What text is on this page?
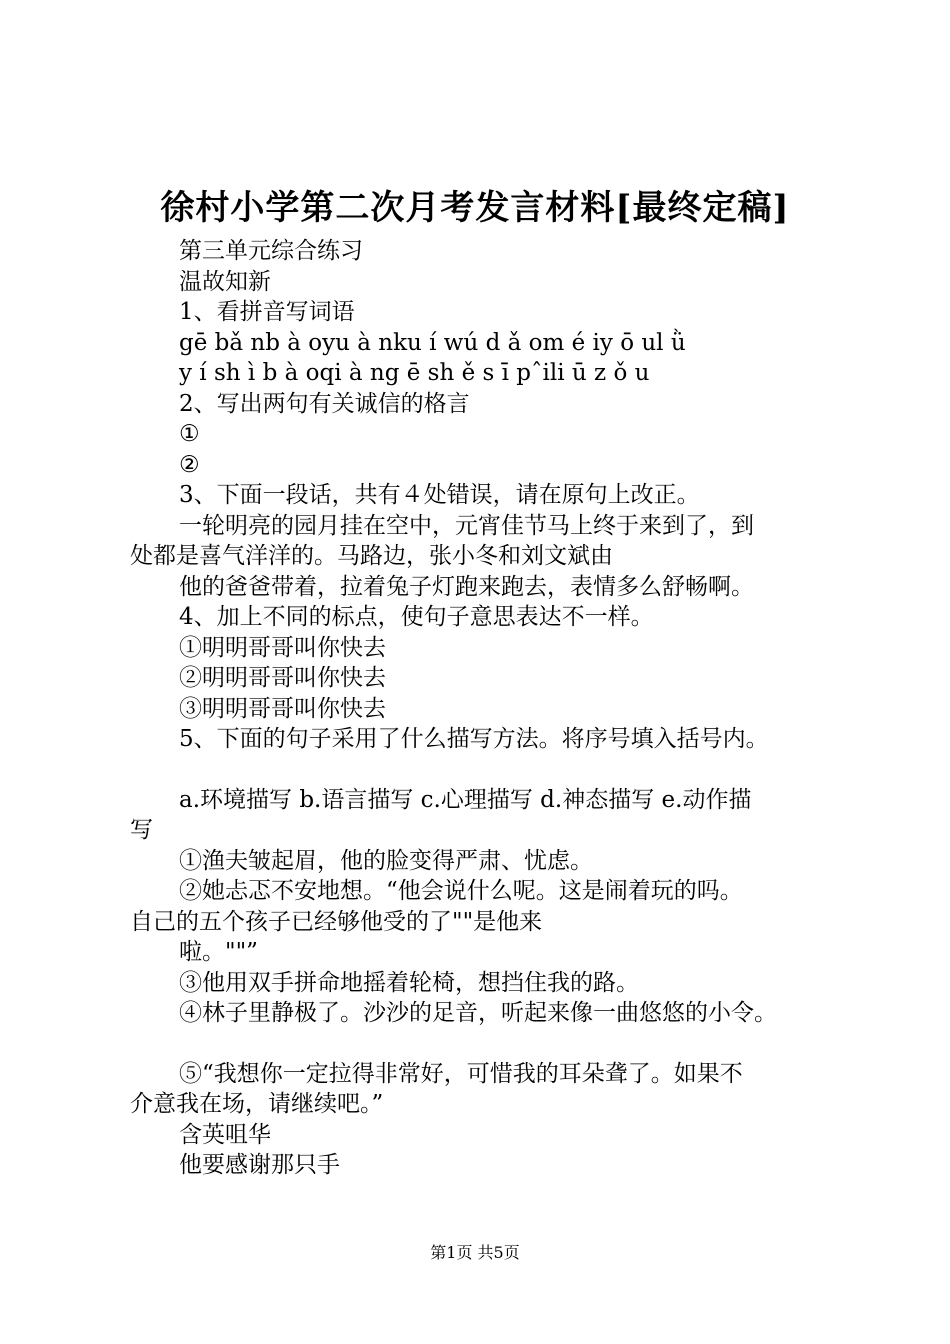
徐村小学第二次月考发言材料[最终定稿]
第三单元综合练习
温故知新
1、看拼音写词语
gē bǎ nb à oyu à nku í wú d ǎ om é iy ō ul ǜ
y í sh ì b à oqi à ng ē sh ě s ī pˆili ū z ǒ u
2、写出两句有关诚信的格言
①
②
3、下面一段话，共有４处错误，请在原句上改正。
一轮明亮的园月挂在空中，元宵佳节马上终于来到了，到
处都是喜气洋洋的。马路边，张小冬和刘文斌由
他的爸爸带着，拉着兔子灯跑来跑去，表情多么舒畅啊。
4、加上不同的标点，使句子意思表达不一样。
①明明哥哥叫你快去
②明明哥哥叫你快去
③明明哥哥叫你快去
5、下面的句子采用了什么描写方法。将序号填入括号内。
a.环境描写 b.语言描写 c.心理描写 d.神态描写 e.动作描
写
①渔夫皱起眉，他的脸变得严肃、忧虑。
②她忐忑不安地想。“他会说什么呢。这是闹着玩的吗。
自己的五个孩子已经够他受的了""是他来
啦。""”
③他用双手拼命地摇着轮椅，想挡住我的路。
④林子里静极了。沙沙的足音，听起来像一曲悠悠的小令。
⑤“我想你一定拉得非常好，可惜我的耳朵聋了。如果不
介意我在场，请继续吧。”
含英咀华
他要感谢那只手
第1页 共5页
